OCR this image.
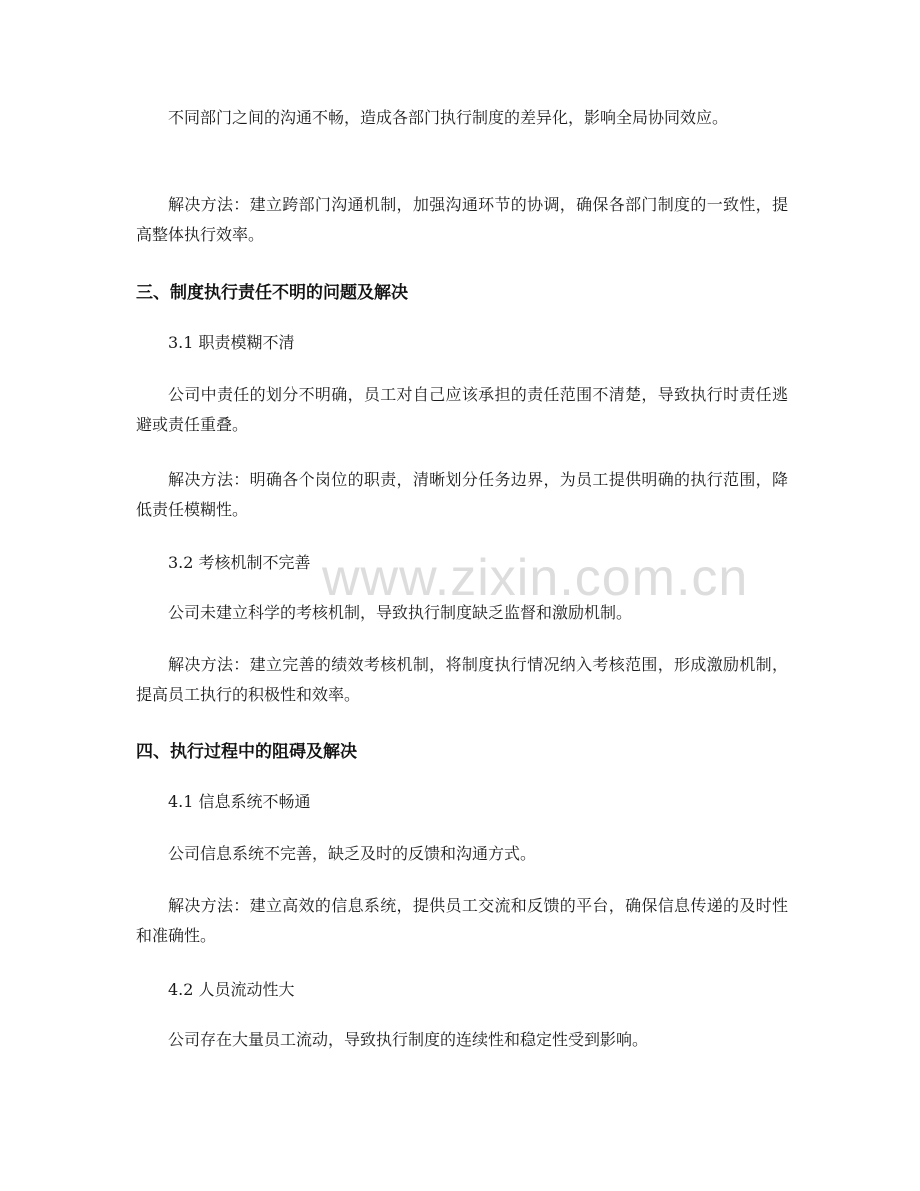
不同部门之间的沟通不畅，造成各部门执行制度的差异化，影响全局协同效应。

解决方法：建立跨部门沟通机制，加强沟通环节的协调，确保各部门制度的一致性，提高整体执行效率。

三、制度执行责任不明的问题及解决

3.1 职责模糊不清

公司中责任的划分不明确，员工对自己应该承担的责任范围不清楚，导致执行时责任逃避或责任重叠。

解决方法：明确各个岗位的职责，清晰划分任务边界，为员工提供明确的执行范围，降低责任模糊性。

3.2 考核机制不完善

公司未建立科学的考核机制，导致执行制度缺乏监督和激励机制。

解决方法：建立完善的绩效考核机制，将制度执行情况纳入考核范围，形成激励机制，提高员工执行的积极性和效率。

四、执行过程中的阻碍及解决

4.1 信息系统不畅通

公司信息系统不完善，缺乏及时的反馈和沟通方式。

解决方法：建立高效的信息系统，提供员工交流和反馈的平台，确保信息传递的及时性和准确性。

4.2 人员流动性大

公司存在大量员工流动，导致执行制度的连续性和稳定性受到影响。

www.zixin.com.cn
